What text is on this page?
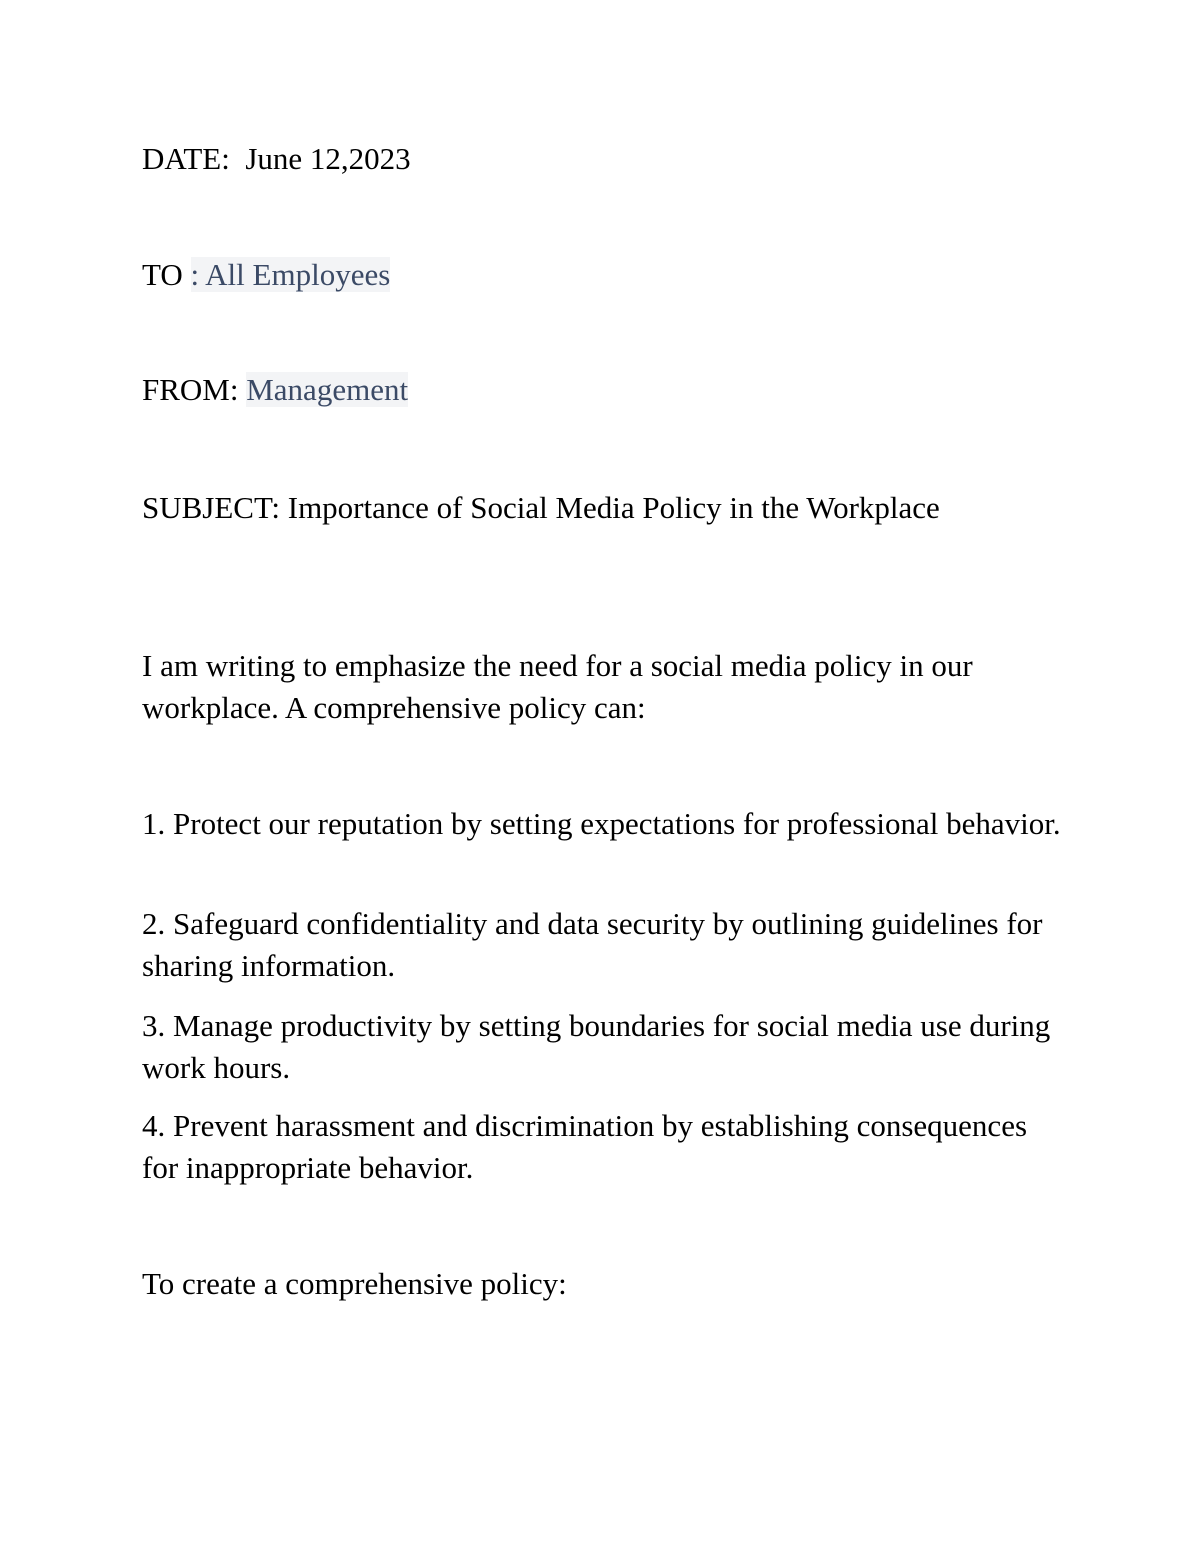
DATE: June 12,2023

TO : All Employees

FROM: Management

SUBJECT: Importance of Social Media Policy in the Workplace

I am writing to emphasize the need for a social media policy in our workplace. A comprehensive policy can:

1. Protect our reputation by setting expectations for professional behavior.

2. Safeguard confidentiality and data security by outlining guidelines for sharing information.

3. Manage productivity by setting boundaries for social media use during work hours.

4. Prevent harassment and discrimination by establishing consequences for inappropriate behavior.

To create a comprehensive policy:
